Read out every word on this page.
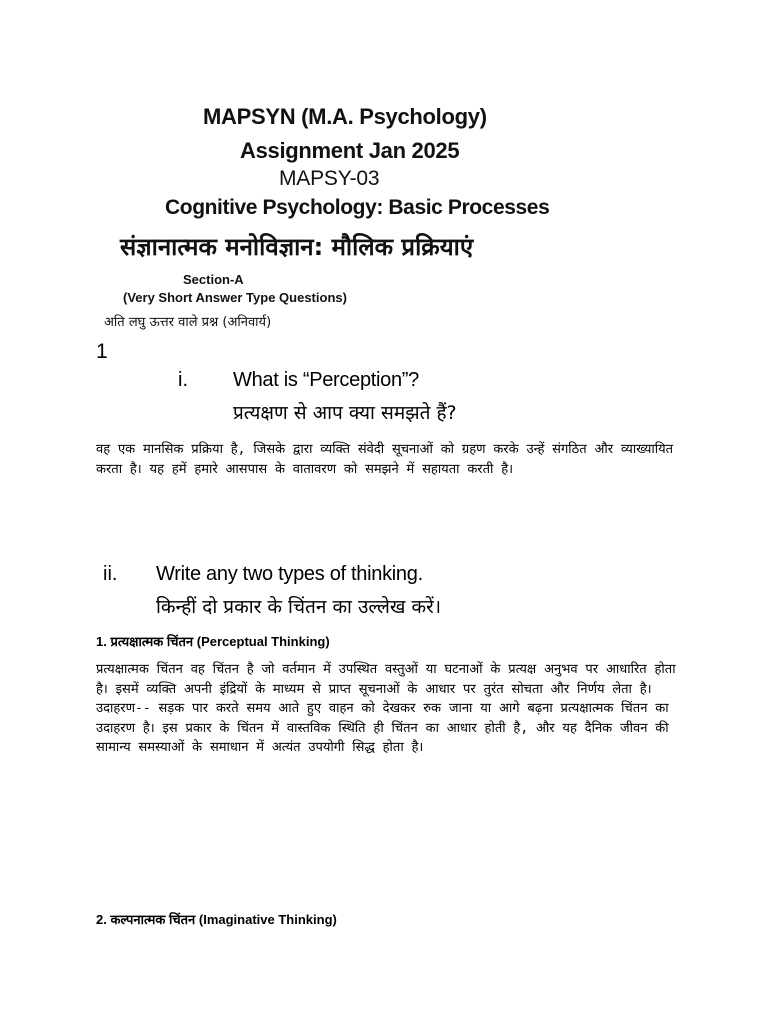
MAPSYN (M.A. Psychology)
Assignment Jan 2025
MAPSY-03
Cognitive Psychology: Basic Processes
संज्ञानात्मक मनोविज्ञान: मौलिक प्रक्रियाएं
Section-A
(Very Short Answer Type Questions)
अति लघु ऊत्तर वाले प्रश्न (अनिवार्य)
1
i. What is “Perception”?
प्रत्यक्षण से आप क्या समझते हैं?

वह एक मानसिक प्रक्रिया है, जिसके द्वारा व्यक्ति संवेदी सूचनाओं को ग्रहण करके उन्हें संगठित और व्याख्यायित करता है। यह हमें हमारे आसपास के वातावरण को समझने में सहायता करती है।

ii. Write any two types of thinking.
किन्हीं दो प्रकार के चिंतन का उल्लेख करें।
1. प्रत्यक्षात्मक चिंतन (Perceptual Thinking)

प्रत्यक्षात्मक चिंतन वह चिंतन है जो वर्तमान में उपस्थित वस्तुओं या घटनाओं के प्रत्यक्ष अनुभव पर आधारित होता है। इसमें व्यक्ति अपनी इंद्रियों के माध्यम से प्राप्त सूचनाओं के आधार पर तुरंत सोचता और निर्णय लेता है। उदाहरण-- सड़क पार करते समय आते हुए वाहन को देखकर रुक जाना या आगे बढ़ना प्रत्यक्षात्मक चिंतन का उदाहरण है। इस प्रकार के चिंतन में वास्तविक स्थिति ही चिंतन का आधार होती है, और यह दैनिक जीवन की सामान्य समस्याओं के समाधान में अत्यंत उपयोगी सिद्ध होता है।

2. कल्पनात्मक चिंतन (Imaginative Thinking)
